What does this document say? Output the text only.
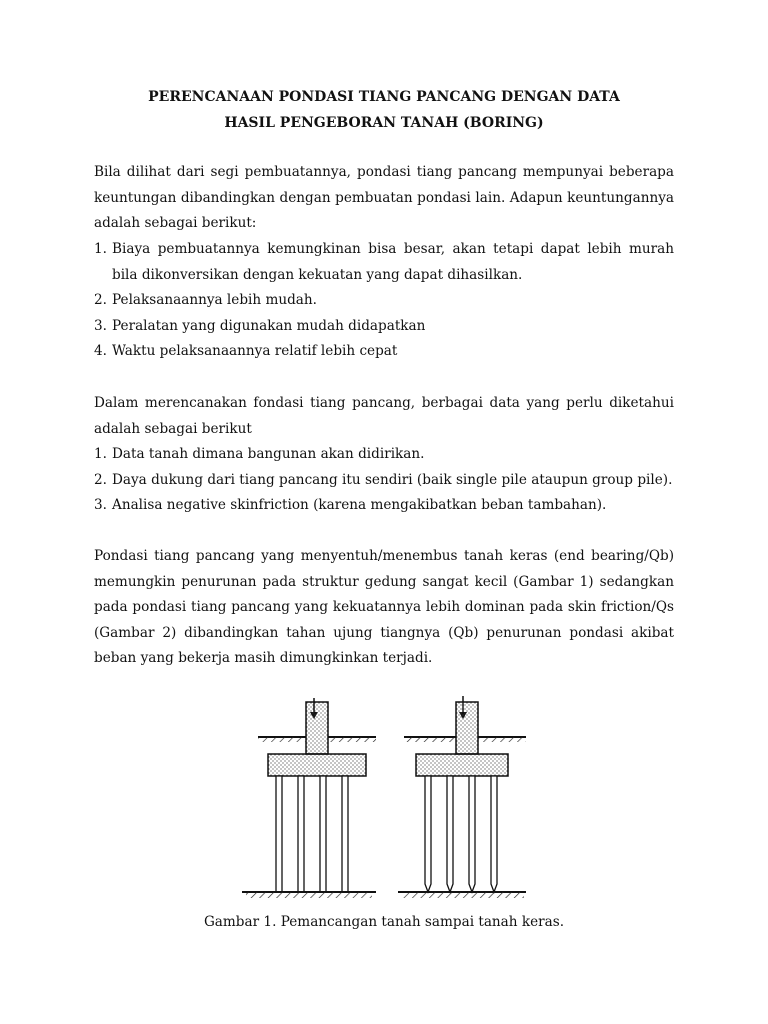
PERENCANAAN PONDASI TIANG PANCANG DENGAN DATA
HASIL PENGEBORAN TANAH (BORING)

Bila dilihat dari segi pembuatannya, pondasi tiang pancang mempunyai beberapa keuntungan dibandingkan dengan pembuatan pondasi lain. Adapun keuntungannya adalah sebagai berikut:

1. Biaya pembuatannya kemungkinan bisa besar, akan tetapi dapat lebih murah bila dikonversikan dengan kekuatan yang dapat dihasilkan.
2. Pelaksanaannya lebih mudah.
3. Peralatan yang digunakan mudah didapatkan
4. Waktu pelaksanaannya relatif lebih cepat

Dalam merencanakan fondasi tiang pancang, berbagai data yang perlu diketahui adalah sebagai berikut

1. Data tanah dimana bangunan akan didirikan.
2. Daya dukung dari tiang pancang itu sendiri (baik single pile ataupun group pile).
3. Analisa negative skinfriction (karena mengakibatkan beban tambahan).

Pondasi tiang pancang yang menyentuh/menembus tanah keras (end bearing/Qb) memungkin penurunan pada struktur gedung sangat kecil (Gambar 1) sedangkan pada pondasi tiang pancang yang kekuatannya lebih dominan pada skin friction/Qs (Gambar 2) dibandingkan tahan ujung tiangnya (Qb) penurunan pondasi akibat beban yang bekerja masih dimungkinkan terjadi.

Gambar 1. Pemancangan tanah sampai tanah keras.
